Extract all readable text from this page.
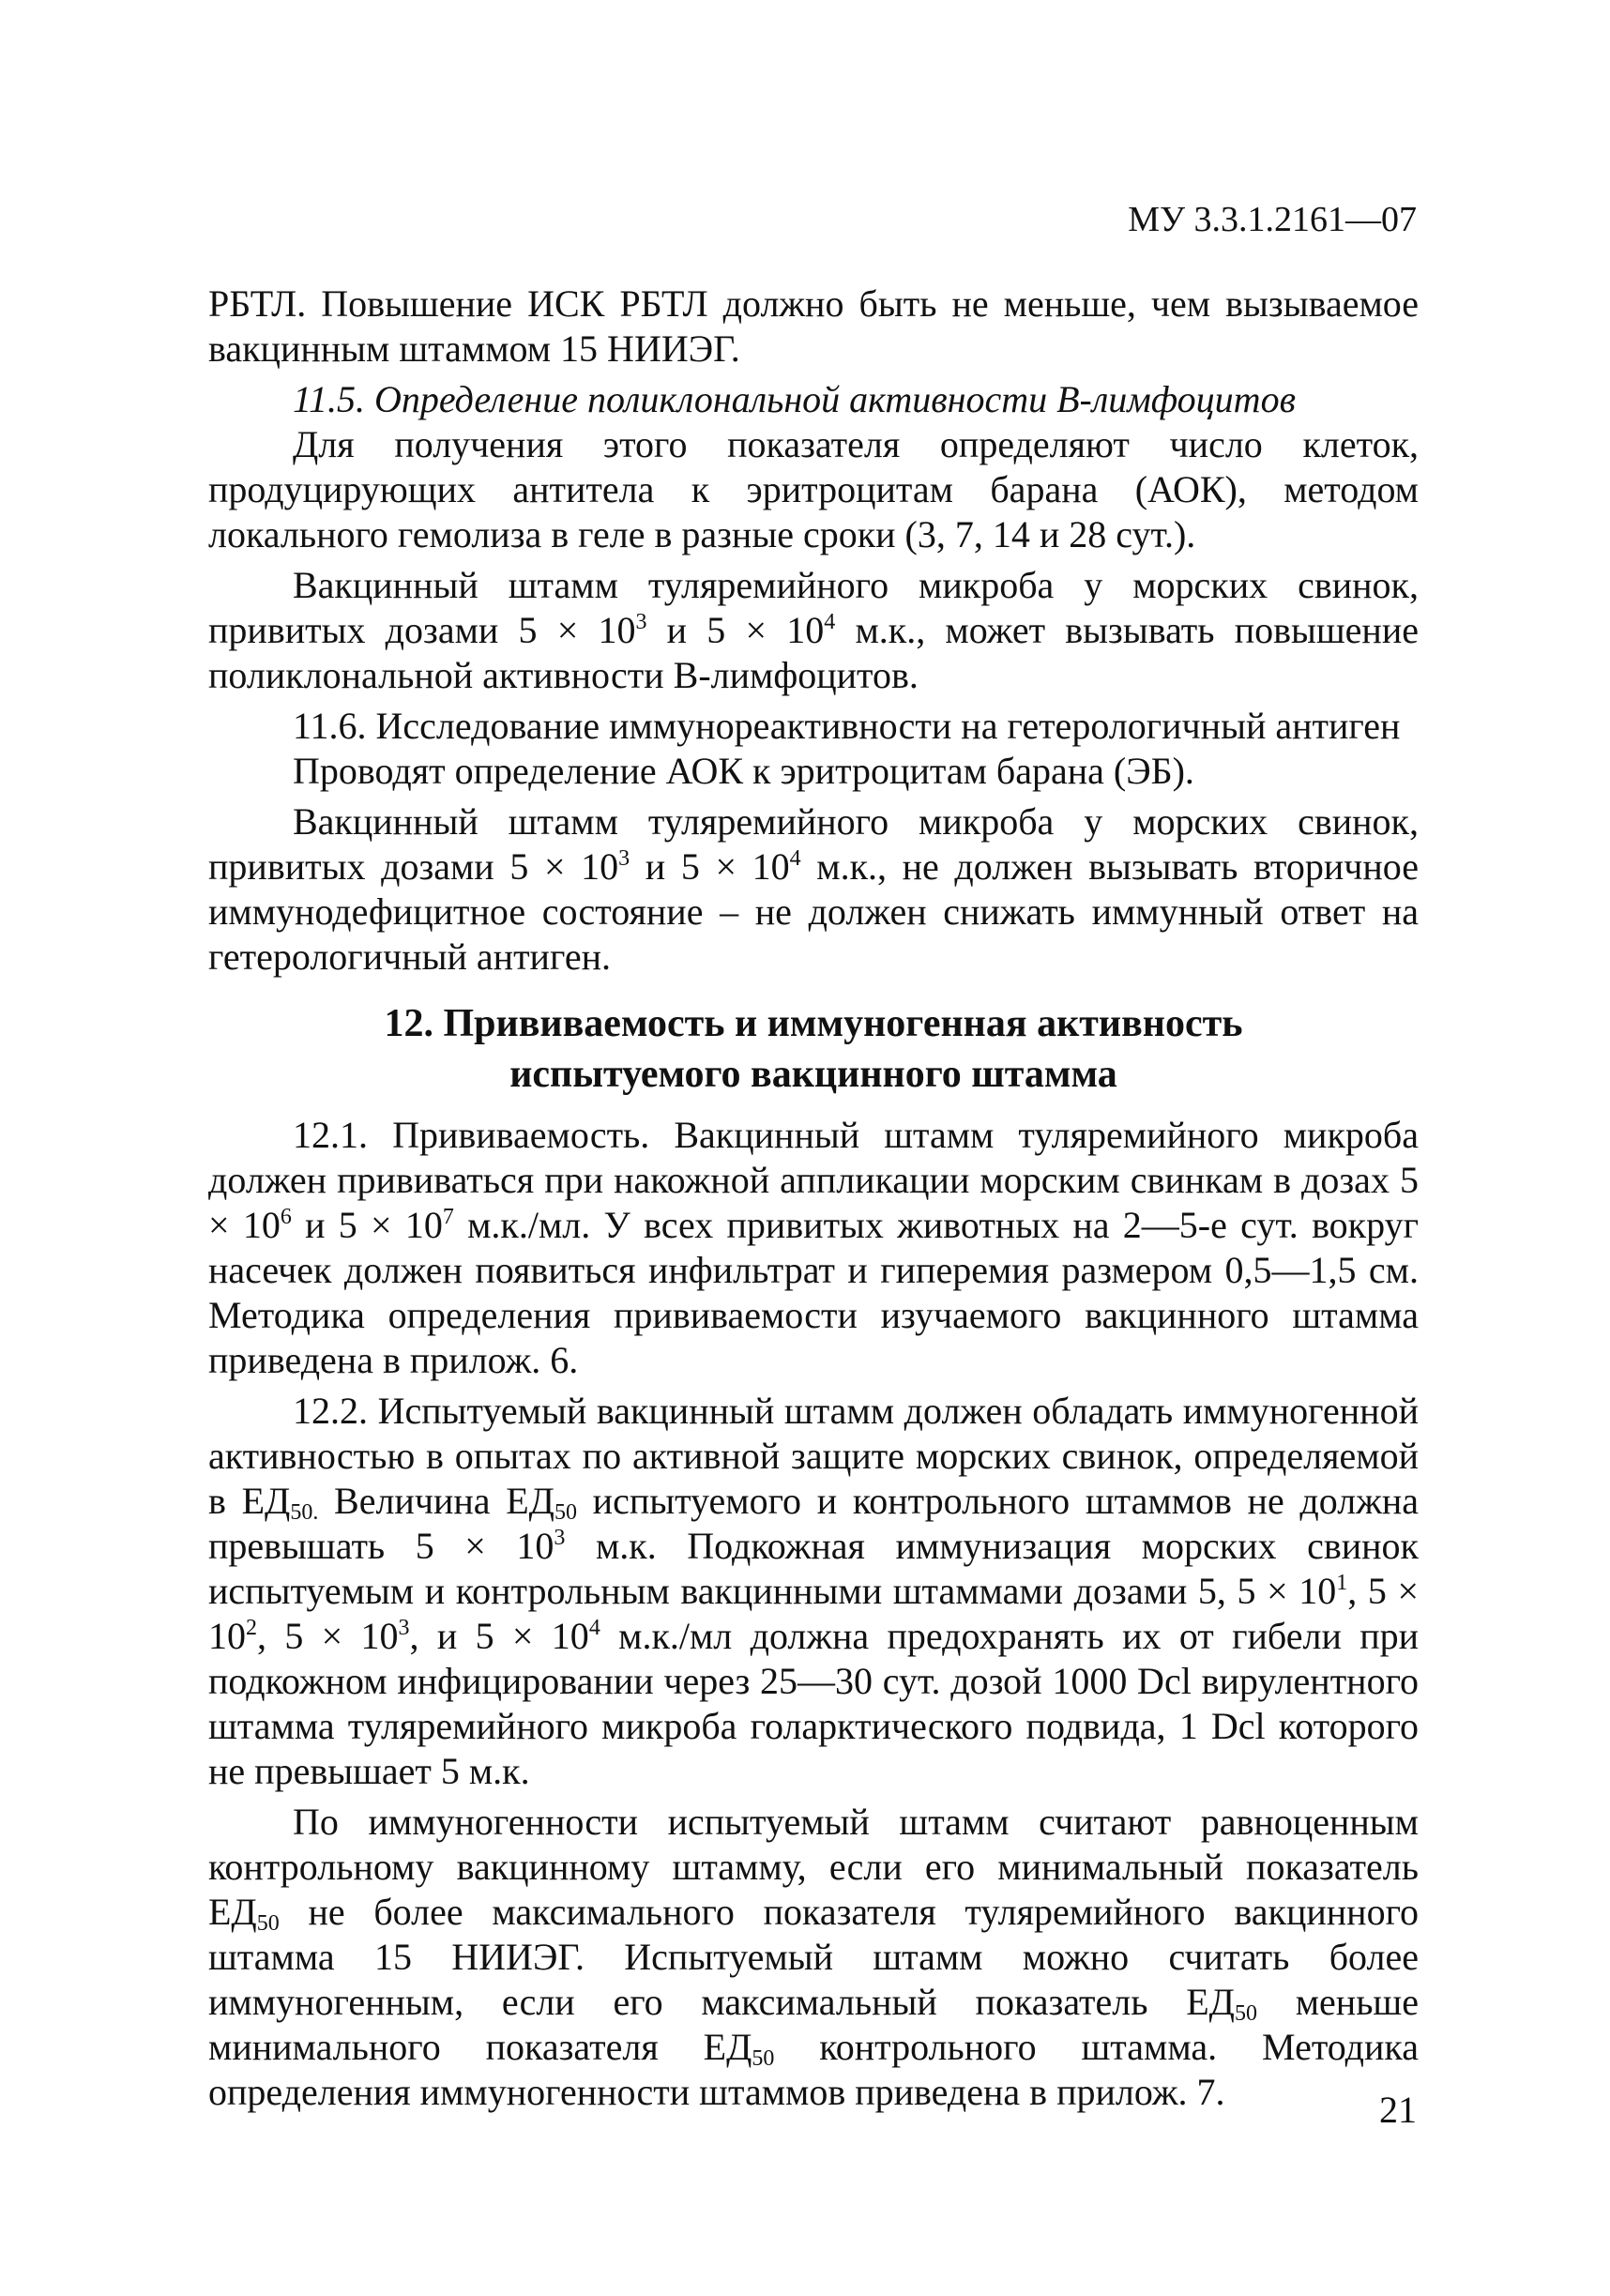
МУ 3.3.1.2161—07

РБТЛ. Повышение ИСК РБТЛ должно быть не меньше, чем вызываемое вакцинным штаммом 15 НИИЭГ.

11.5. Определение поликлональной активности В-лимфоцитов

Для получения этого показателя определяют число клеток, продуцирующих антитела к эритроцитам барана (АОК), методом локального гемолиза в геле в разные сроки (3, 7, 14 и 28 сут.).

Вакцинный штамм туляремийного микроба у морских свинок, привитых дозами $5 \times 10^3$ и $5 \times 10^4$ м.к., может вызывать повышение поликлональной активности В-лимфоцитов.

11.6. Исследование иммунореактивности на гетерологичный антиген

Проводят определение АОК к эритроцитам барана (ЭБ).

Вакцинный штамм туляремийного микроба у морских свинок, привитых дозами $5 \times 10^3$ и $5 \times 10^4$ м.к., не должен вызывать вторичное иммунодефицитное состояние – не должен снижать иммунный ответ на гетерологичный антиген.

12. Прививаемость и иммуногенная активность
испытуемого вакцинного штамма

12.1. Прививаемость. Вакцинный штамм туляремийного микроба должен прививаться при накожной аппликации морским свинкам в дозах $5 \times 10^6$ и $5 \times 10^7$ м.к./мл. У всех привитых животных на 2—5-е сут. вокруг насечек должен появиться инфильтрат и гиперемия размером 0,5—1,5 см. Методика определения прививаемости изучаемого вакцинного штамма приведена в прилож. 6.

12.2. Испытуемый вакцинный штамм должен обладать иммуногенной активностью в опытах по активной защите морских свинок, определяемой в $ЕД_{50.}$ Величина $ЕД_{50}$ испытуемого и контрольного штаммов не должна превышать $5 \times 10^3$ м.к. Подкожная иммунизация морских свинок испытуемым и контрольным вакцинными штаммами дозами 5, $5 \times 10^1$, $5 \times 10^2$, $5 \times 10^3$, и $5 \times 10^4$ м.к./мл должна предохранять их от гибели при подкожном инфицировании через 25—30 сут. дозой 1000 Dcl вирулентного штамма туляремийного микроба голарктического подвида, 1 Dcl которого не превышает 5 м.к.

По иммуногенности испытуемый штамм считают равноценным контрольному вакцинному штамму, если его минимальный показатель $ЕД_{50}$ не более максимального показателя туляремийного вакцинного штамма 15 НИИЭГ. Испытуемый штамм можно считать более иммуногенным, если его максимальный показатель $ЕД_{50}$ меньше минимального показателя $ЕД_{50}$ контрольного штамма. Методика определения иммуногенности штаммов приведена в прилож. 7.	21
